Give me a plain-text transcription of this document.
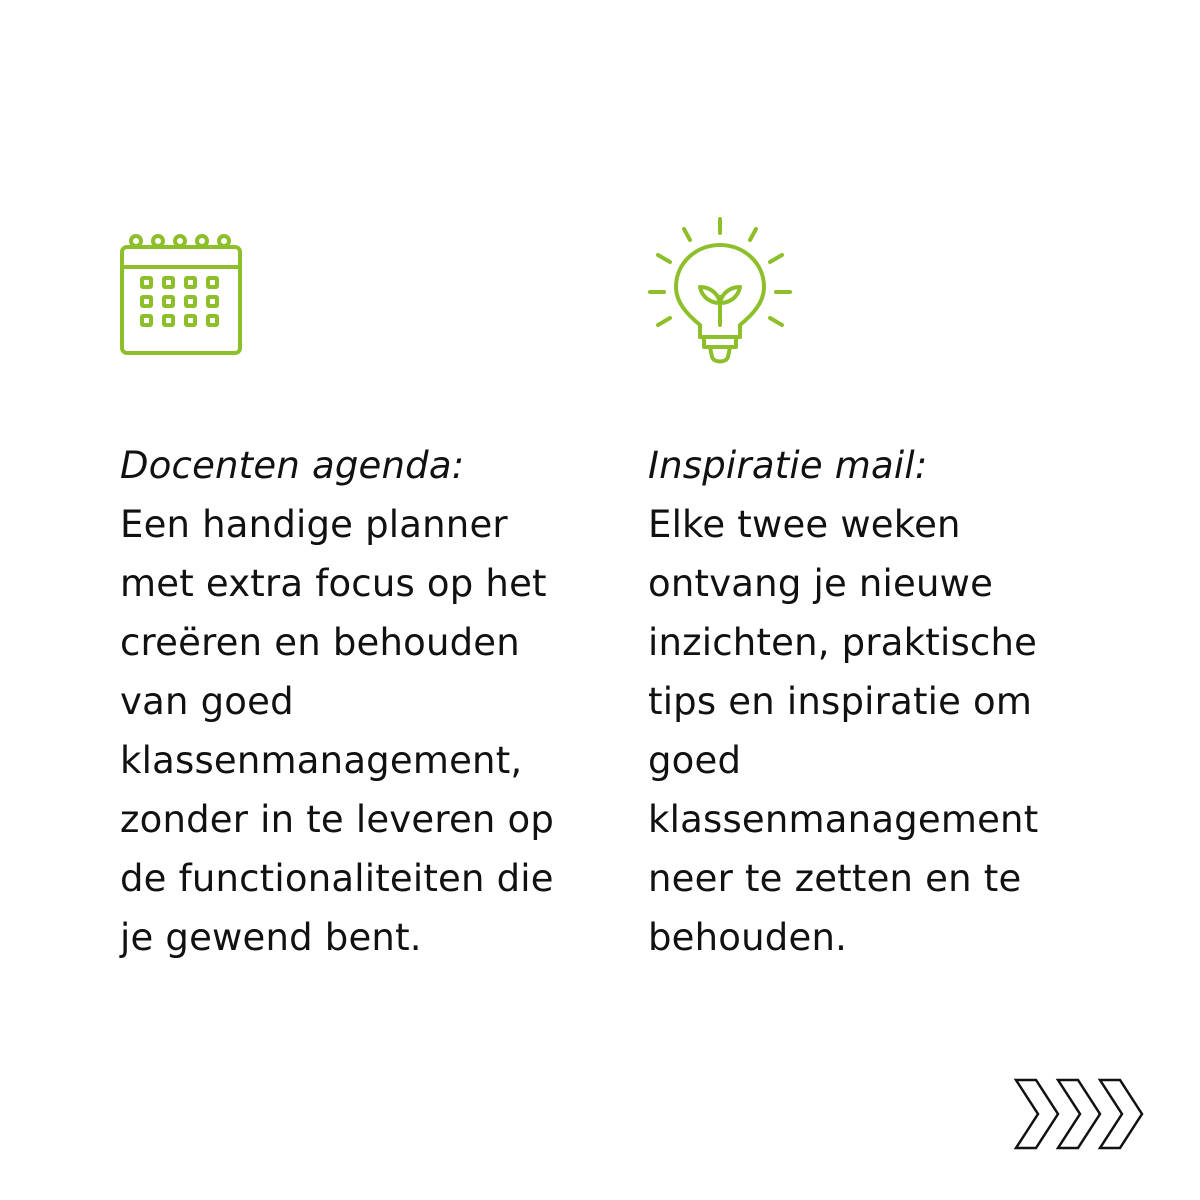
Docenten agenda:
Een handige planner met extra focus op het creëren en behouden van goed klassenmanagement, zonder in te leveren op de functionaliteiten die je gewend bent.
Inspiratie mail:
Elke twee weken ontvang je nieuwe inzichten, praktische tips en inspiratie om goed klassenmanagement neer te zetten en te behouden.
